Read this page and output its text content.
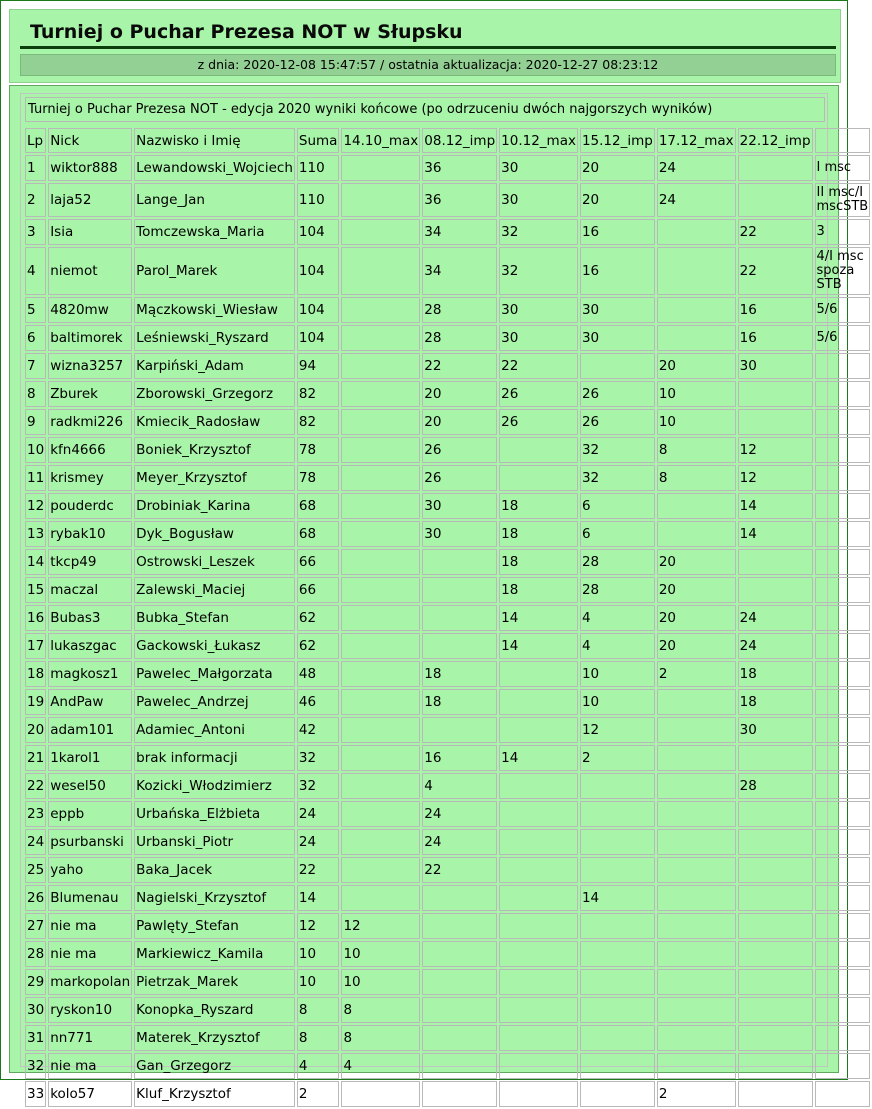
Turniej o Puchar Prezesa NOT w Słupsku
z dnia: 2020-12-08 15:47:57 / ostatnia aktualizacja: 2020-12-27 08:23:12
Turniej o Puchar Prezesa NOT - edycja 2020 wyniki końcowe (po odrzuceniu dwóch najgorszych wyników)
Lp	Nick	Nazwisko i Imię	Suma	14.10_max	08.12_imp	10.12_max	15.12_imp	17.12_max	22.12_imp	
1	wiktor888	Lewandowski_Wojciech	110		36	30	20	24		I msc
2	laja52	Lange_Jan	110		36	30	20	24		II msc/I mscSTB
3	Isia	Tomczewska_Maria	104		34	32	16		22	3
4	niemot	Parol_Marek	104		34	32	16		22	4/I msc spoza STB
5	4820mw	Mączkowski_Wiesław	104		28	30	30		16	5/6
6	baltimorek	Leśniewski_Ryszard	104		28	30	30		16	5/6
7	wizna3257	Karpiński_Adam	94		22	22		20	30	
8	Zburek	Zborowski_Grzegorz	82		20	26	26	10		
9	radkmi226	Kmiecik_Radosław	82		20	26	26	10		
10	kfn4666	Boniek_Krzysztof	78		26		32	8	12	
11	krismey	Meyer_Krzysztof	78		26		32	8	12	
12	pouderdc	Drobiniak_Karina	68		30	18	6		14	
13	rybak10	Dyk_Bogusław	68		30	18	6		14	
14	tkcp49	Ostrowski_Leszek	66			18	28	20		
15	maczal	Zalewski_Maciej	66			18	28	20		
16	Bubas3	Bubka_Stefan	62			14	4	20	24	
17	lukaszgac	Gackowski_Łukasz	62			14	4	20	24	
18	magkosz1	Pawelec_Małgorzata	48		18		10	2	18	
19	AndPaw	Pawelec_Andrzej	46		18		10		18	
20	adam101	Adamiec_Antoni	42				12		30	
21	1karol1	brak informacji	32		16	14	2			
22	wesel50	Kozicki_Włodzimierz	32		4				28	
23	eppb	Urbańska_Elżbieta	24		24					
24	psurbanski	Urbanski_Piotr	24		24					
25	yaho	Baka_Jacek	22		22					
26	Blumenau	Nagielski_Krzysztof	14				14			
27	nie ma	Pawlęty_Stefan	12	12						
28	nie ma	Markiewicz_Kamila	10	10						
29	markopolan	Pietrzak_Marek	10	10						
30	ryskon10	Konopka_Ryszard	8	8						
31	nn771	Materek_Krzysztof	8	8						
32	nie ma	Gan_Grzegorz	4	4						
33	kolo57	Kluf_Krzysztof	2					2		
